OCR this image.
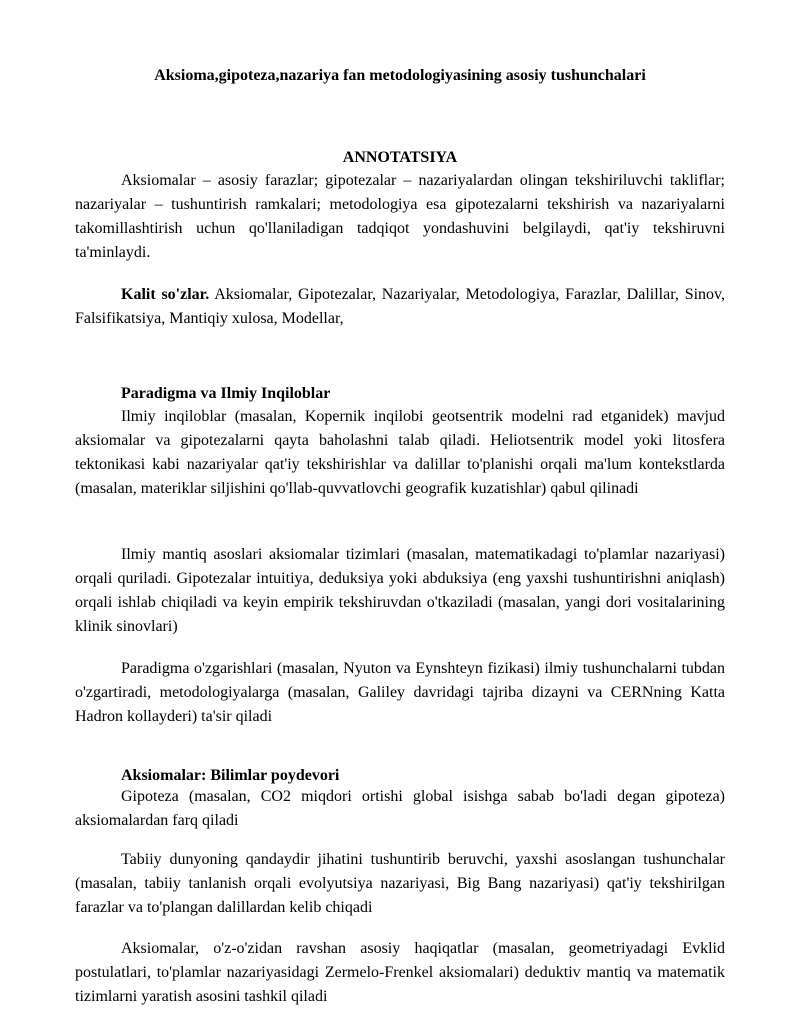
Aksioma,gipoteza,nazariya fan metodologiyasining asosiy tushunchalari
ANNOTATSIYA
Aksiomalar – asosiy farazlar; gipotezalar – nazariyalardan olingan tekshiriluvchi takliflar; nazariyalar – tushuntirish ramkalari; metodologiya esa gipotezalarni tekshirish va nazariyalarni takomillashtirish uchun qo'llaniladigan tadqiqot yondashuvini belgilaydi, qat'iy tekshiruvni ta'minlaydi.
Kalit so'zlar. Aksiomalar, Gipotezalar, Nazariyalar, Metodologiya, Farazlar, Dalillar, Sinov, Falsifikatsiya, Mantiqiy xulosa, Modellar,
Paradigma va Ilmiy Inqiloblar
Ilmiy inqiloblar (masalan, Kopernik inqilobi geotsentrik modelni rad etganidek) mavjud aksiomalar va gipotezalarni qayta baholashni talab qiladi. Heliotsentrik model yoki litosfera tektonikasi kabi nazariyalar qat'iy tekshirishlar va dalillar to'planishi orqali ma'lum kontekstlarda (masalan, materiklar siljishini qo'llab-quvvatlovchi geografik kuzatishlar) qabul qilinadi
Ilmiy mantiq asoslari aksiomalar tizimlari (masalan, matematikadagi to'plamlar nazariyasi) orqali quriladi. Gipotezalar intuitiya, deduksiya yoki abduksiya (eng yaxshi tushuntirishni aniqlash) orqali ishlab chiqiladi va keyin empirik tekshiruvdan o'tkaziladi (masalan, yangi dori vositalarining klinik sinovlari)
Paradigma o'zgarishlari (masalan, Nyuton va Eynshteyn fizikasi) ilmiy tushunchalarni tubdan o'zgartiradi, metodologiyalarga (masalan, Galiley davridagi tajriba dizayni va CERNning Katta Hadron kollayderi) ta'sir qiladi
Aksiomalar: Bilimlar poydevori
Gipoteza (masalan, CO2 miqdori ortishi global isishga sabab bo'ladi degan gipoteza) aksiomalardan farq qiladi
Tabiiy dunyoning qandaydir jihatini tushuntirib beruvchi, yaxshi asoslangan tushunchalar (masalan, tabiiy tanlanish orqali evolyutsiya nazariyasi, Big Bang nazariyasi) qat'iy tekshirilgan farazlar va to'plangan dalillardan kelib chiqadi
Aksiomalar, o'z-o'zidan ravshan asosiy haqiqatlar (masalan, geometriyadagi Evklid postulatlari, to'plamlar nazariyasidagi Zermelo-Frenkel aksiomalari) deduktiv mantiq va matematik tizimlarni yaratish asosini tashkil qiladi
